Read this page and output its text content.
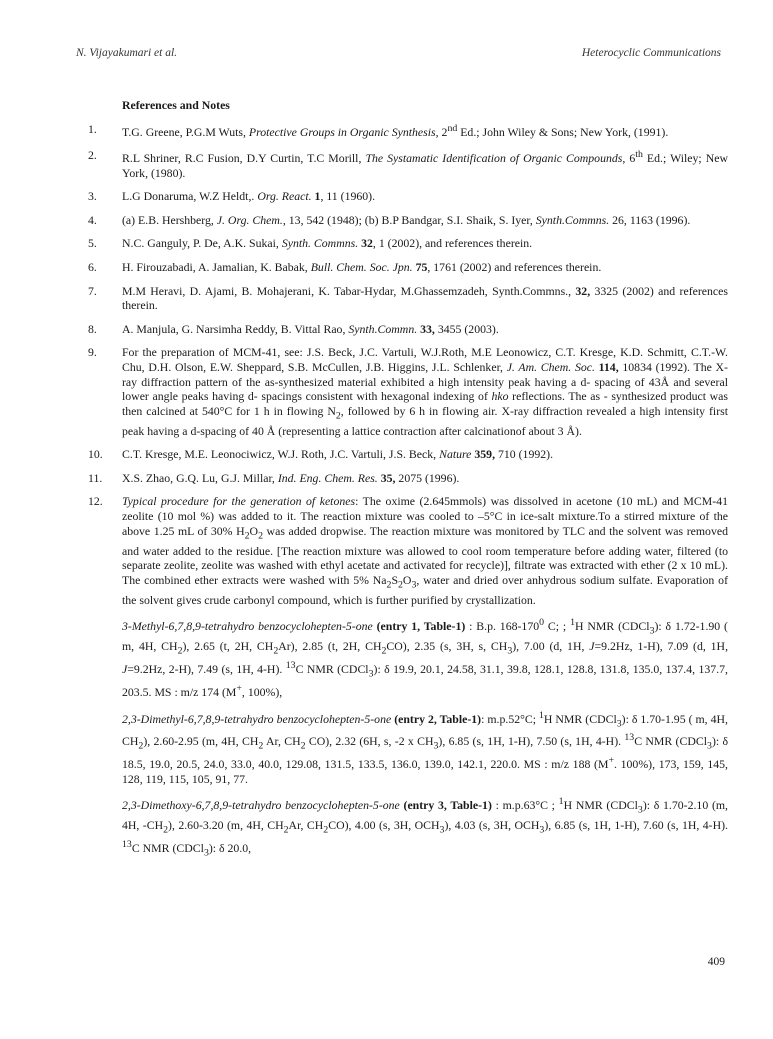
N. Vijayakumari et al.	Heterocyclic Communications
References and Notes
1.	T.G. Greene, P.G.M Wuts, Protective Groups in Organic Synthesis, 2nd Ed.; John Wiley & Sons; New York, (1991).
2.	R.L Shriner, R.C Fusion, D.Y Curtin, T.C Morill, The Systamatic Identification of Organic Compounds, 6th Ed.; Wiley; New York, (1980).
3.	L.G Donaruma, W.Z Heldt,. Org. React. 1, 11 (1960).
4.	(a) E.B. Hershberg, J. Org. Chem., 13, 542 (1948); (b) B.P Bandgar, S.I. Shaik, S. Iyer, Synth.Commns. 26, 1163 (1996).
5.	N.C. Ganguly, P. De, A.K. Sukai, Synth. Commns. 32, 1 (2002), and references therein.
6.	H. Firouzabadi, A. Jamalian, K. Babak, Bull. Chem. Soc. Jpn. 75, 1761 (2002) and references therein.
7.	M.M Heravi, D. Ajami, B. Mohajerani, K. Tabar-Hydar, M.Ghassemzadeh, Synth.Commns., 32, 3325 (2002) and references therein.
8.	A. Manjula, G. Narsimha Reddy, B. Vittal Rao, Synth.Commn. 33, 3455 (2003).
9.	For the preparation of MCM-41, see: J.S. Beck, J.C. Vartuli, W.J.Roth, M.E Leonowicz, C.T. Kresge, K.D. Schmitt, C.T.-W. Chu, D.H. Olson, E.W. Sheppard, S.B. McCullen, J.B. Higgins, J.L. Schlenker, J. Am. Chem. Soc. 114, 10834 (1992). The X-ray diffraction pattern of the as-synthesized material exhibited a high intensity peak having a d- spacing of 43Å and several lower angle peaks having d- spacings consistent with hexagonal indexing of hko reflections. The as - synthesized product was then calcined at 540°C for 1 h in flowing $N_2$, followed by 6 h in flowing air. X-ray diffraction revealed a high intensity first peak having a d-spacing of 40 Å (representing a lattice contraction after calcinationof about 3 Å).
10.	C.T. Kresge, M.E. Leonociwicz, W.J. Roth, J.C. Vartuli, J.S. Beck, Nature 359, 710 (1992).
11.	X.S. Zhao, G.Q. Lu, G.J. Millar, Ind. Eng. Chem. Res. 35, 2075 (1996).
12.	Typical procedure for the generation of ketones: The oxime (2.645mmols) was dissolved in acetone (10 mL) and MCM-41 zeolite (10 mol %) was added to it. The reaction mixture was cooled to –5°C in ice-salt mixture.To a stirred mixture of the above 1.25 mL of 30% $H_2O_2$ was added dropwise. The reaction mixture was monitored by TLC and the solvent was removed and water added to the residue. [The reaction mixture was allowed to cool room temperature before adding water, filtered (to separate zeolite, zeolite was washed with ethyl acetate and activated for recycle)], filtrate was extracted with ether (2 x 10 mL). The combined ether extracts were washed with 5% $Na_2S_2O_3$, water and dried over anhydrous sodium sulfate. Evaporation of the solvent gives crude carbonyl compound, which is further purified by crystallization.
3-Methyl-6,7,8,9-tetrahydro benzocyclohepten-5-one (entry 1, Table-1) : B.p. $168-170^0$ C; ; $^1$H NMR (CDCl$_3$): δ 1.72-1.90 ( m, 4H, $CH_2$), 2.65 (t, 2H, $CH_2Ar$), 2.85 (t, 2H, $CH_2CO$), 2.35 (s, 3H, s, $CH_3$), 7.00 (d, 1H, J=9.2Hz, 1-H), 7.09 (d, 1H, J=9.2Hz, 2-H), 7.49 (s, 1H, 4-H). $^{13}$C NMR (CDCl$_3$): δ 19.9, 20.1, 24.58, 31.1, 39.8, 128.1, 128.8, 131.8, 135.0, 137.4, 137.7, 203.5. MS : m/z 174 (M+, 100%),
2,3-Dimethyl-6,7,8,9-tetrahydro benzocyclohepten-5-one (entry 2, Table-1): m.p.52°C; $^1$H NMR (CDCl$_3$): δ 1.70-1.95 ( m, 4H, $CH_2$), 2.60-2.95 (m, 4H, $CH_2$ Ar, $CH_2$ CO), 2.32 (6H, s, -2 x $CH_3$), 6.85 (s, 1H, 1-H), 7.50 (s, 1H, 4-H). $^{13}$C NMR (CDCl$_3$): δ 18.5, 19.0, 20.5, 24.0, 33.0, 40.0, 129.08, 131.5, 133.5, 136.0, 139.0, 142.1, 220.0. MS : m/z 188 (M+. 100%), 173, 159, 145, 128, 119, 115, 105, 91, 77.
2,3-Dimethoxy-6,7,8,9-tetrahydro benzocyclohepten-5-one (entry 3, Table-1) : m.p.63°C ; $^1$H NMR (CDCl$_3$): δ 1.70-2.10 (m, 4H, $-CH_2$), 2.60-3.20 (m, 4H, $CH_2Ar$, $CH_2CO$), 4.00 (s, 3H, $OCH_3$), 4.03 (s, 3H, $OCH_3$), 6.85 (s, 1H, 1-H), 7.60 (s, 1H, 4-H). $^{13}$C NMR (CDCl$_3$): δ 20.0,
409
